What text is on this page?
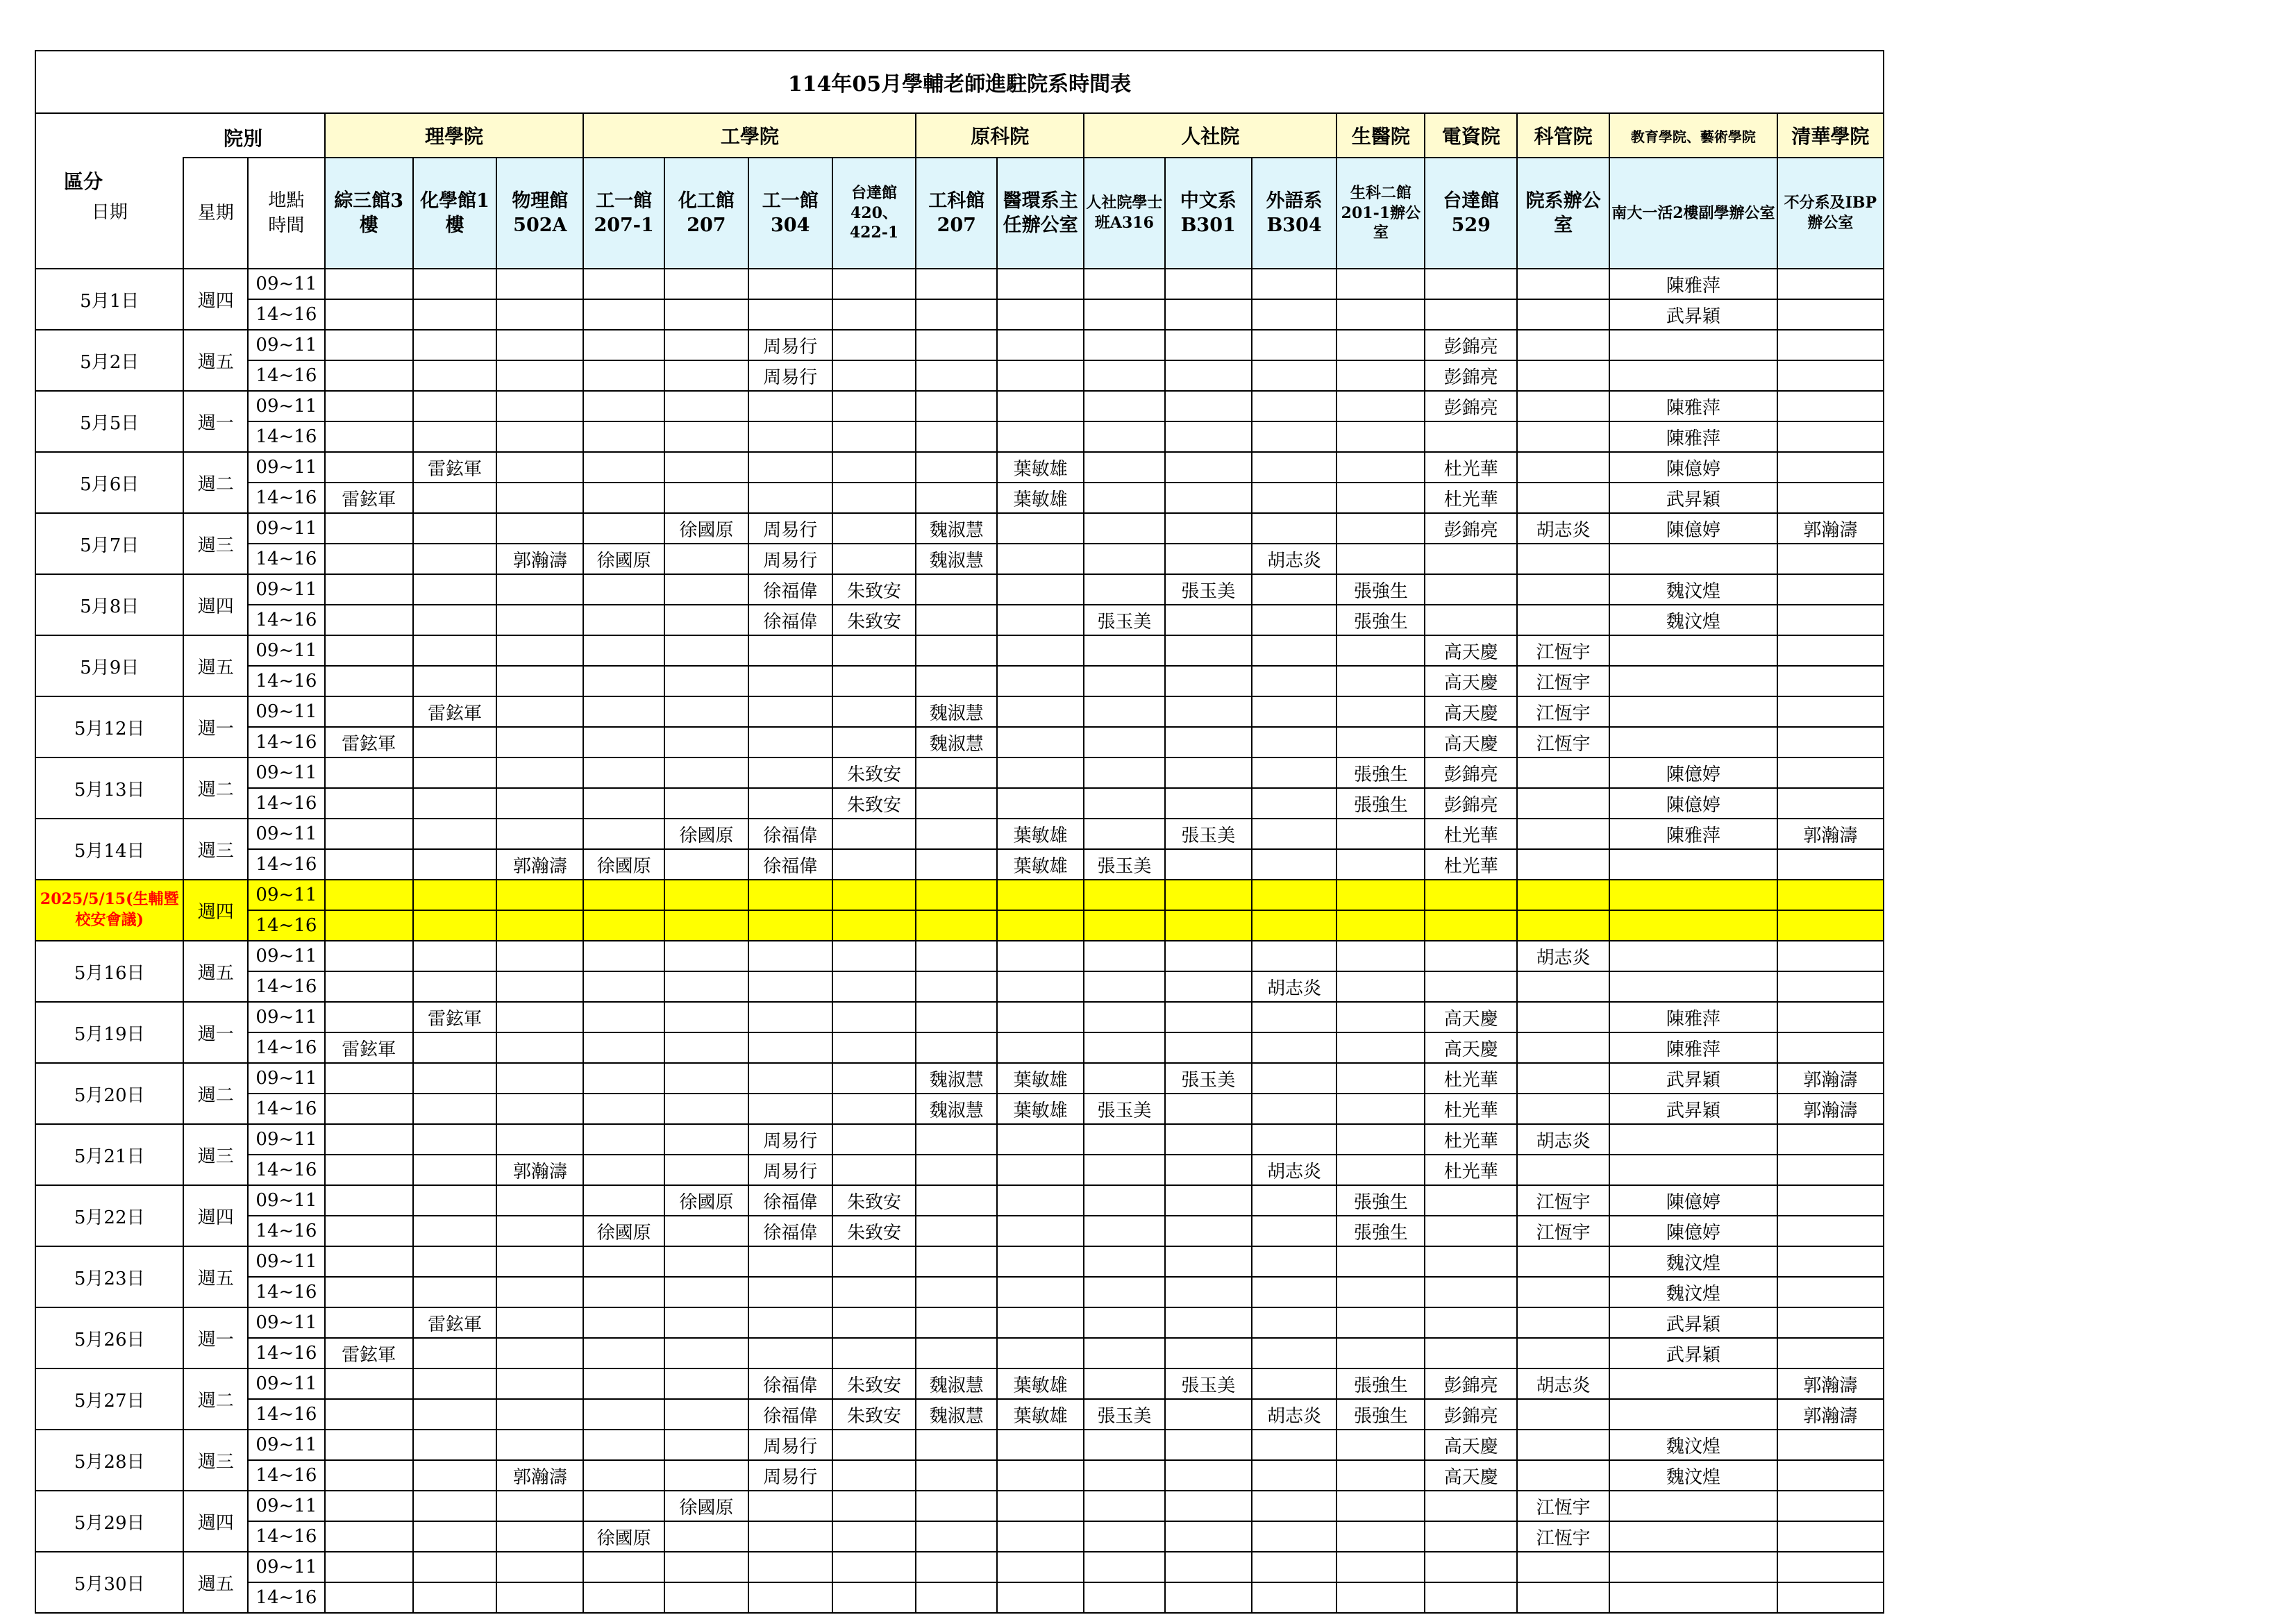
114年05月學輔老師進駐院系時間表																			

院別
區分			理學院			工學院				原科院		人社院			生醫院	電資院	科管院	教育學院、藝術學院	清華學院
日期	星期	地點
時間	綜三館3樓	化學館1樓	物理館502A	工一館207-1	化工館207	工一館304	台達館420、422-1	工科館207	醫環系主任辦公室	人社院學士班A316	中文系B301	外語系B304	生科二館201-1辦公室	台達館529	院系辦公室	南大一活2樓副學辦公室	不分系及IBP辦公室
5月1日	週四	09~11																陳雅萍	
		14~16																武昇穎	
5月2日	週五	09~11						周易行								彭錦亮			
		14~16						周易行								彭錦亮			
5月5日	週一	09~11														彭錦亮		陳雅萍	
		14~16																陳雅萍	
5月6日	週二	09~11		雷鉉軍							葉敏雄					杜光華		陳億婷	
		14~16	雷鉉軍								葉敏雄					杜光華		武昇穎	
5月7日	週三	09~11					徐國原	周易行		魏淑慧						彭錦亮	胡志炎	陳億婷	郭瀚濤
		14~16			郭瀚濤	徐國原		周易行		魏淑慧				胡志炎					
5月8日	週四	09~11						徐福偉	朱致安				張玉美		張強生			魏汶煌	
		14~16						徐福偉	朱致安			張玉美			張強生			魏汶煌	
5月9日	週五	09~11														高天慶	江恆宇		
		14~16														高天慶	江恆宇		
5月12日	週一	09~11		雷鉉軍						魏淑慧						高天慶	江恆宇		
		14~16	雷鉉軍							魏淑慧						高天慶	江恆宇		
5月13日	週二	09~11							朱致安						張強生	彭錦亮		陳億婷	
		14~16							朱致安						張強生	彭錦亮		陳億婷	
5月14日	週三	09~11					徐國原	徐福偉			葉敏雄		張玉美			杜光華		陳雅萍	郭瀚濤
		14~16			郭瀚濤	徐國原		徐福偉			葉敏雄	張玉美				杜光華			
2025/5/15(生輔暨校安會議)	週四	09~11																	
		14~16																	
5月16日	週五	09~11															胡志炎		
		14~16												胡志炎					
5月19日	週一	09~11		雷鉉軍												高天慶		陳雅萍	
		14~16	雷鉉軍													高天慶		陳雅萍	
5月20日	週二	09~11								魏淑慧	葉敏雄		張玉美			杜光華		武昇穎	郭瀚濤
		14~16								魏淑慧	葉敏雄	張玉美				杜光華		武昇穎	郭瀚濤
5月21日	週三	09~11						周易行								杜光華	胡志炎		
		14~16			郭瀚濤			周易行						胡志炎		杜光華			
5月22日	週四	09~11					徐國原	徐福偉	朱致安						張強生		江恆宇	陳億婷	
		14~16				徐國原		徐福偉	朱致安						張強生		江恆宇	陳億婷	
5月23日	週五	09~11																魏汶煌	
		14~16																魏汶煌	
5月26日	週一	09~11		雷鉉軍														武昇穎	
		14~16	雷鉉軍															武昇穎	
5月27日	週二	09~11						徐福偉	朱致安	魏淑慧	葉敏雄		張玉美		張強生	彭錦亮	胡志炎		郭瀚濤
		14~16						徐福偉	朱致安	魏淑慧	葉敏雄	張玉美		胡志炎	張強生	彭錦亮			郭瀚濤
5月28日	週三	09~11						周易行								高天慶		魏汶煌	
		14~16			郭瀚濤			周易行								高天慶		魏汶煌	
5月29日	週四	09~11					徐國原										江恆宇		
		14~16				徐國原											江恆宇		
5月30日	週五	09~11																	
		14~16																	
